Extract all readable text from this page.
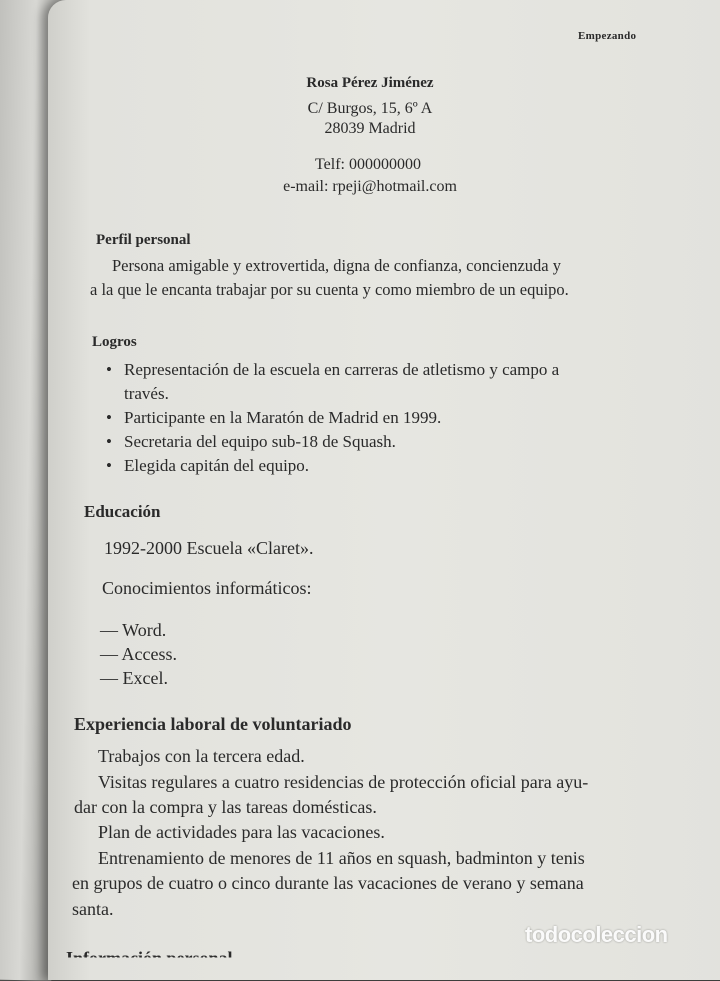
Empezando
Rosa Pérez Jiménez
C/ Burgos, 15, 6º A
28039 Madrid
Telf: 000000000
e-mail: rpeji@hotmail.com
Perfil personal
Persona amigable y extrovertida, digna de confianza, concienzuda y
a la que le encanta trabajar por su cuenta y como miembro de un equipo.
Logros
• Representación de la escuela en carreras de atletismo y campo a
través.
• Participante en la Maratón de Madrid en 1999.
• Secretaria del equipo sub-18 de Squash.
• Elegida capitán del equipo.
Educación
1992-2000 Escuela «Claret».
Conocimientos informáticos:
— Word.
— Access.
— Excel.
Experiencia laboral de voluntariado
Trabajos con la tercera edad.
Visitas regulares a cuatro residencias de protección oficial para ayu-
dar con la compra y las tareas domésticas.
Plan de actividades para las vacaciones.
Entrenamiento de menores de 11 años en squash, badminton y tenis
en grupos de cuatro o cinco durante las vacaciones de verano y semana
santa.
todocoleccion
